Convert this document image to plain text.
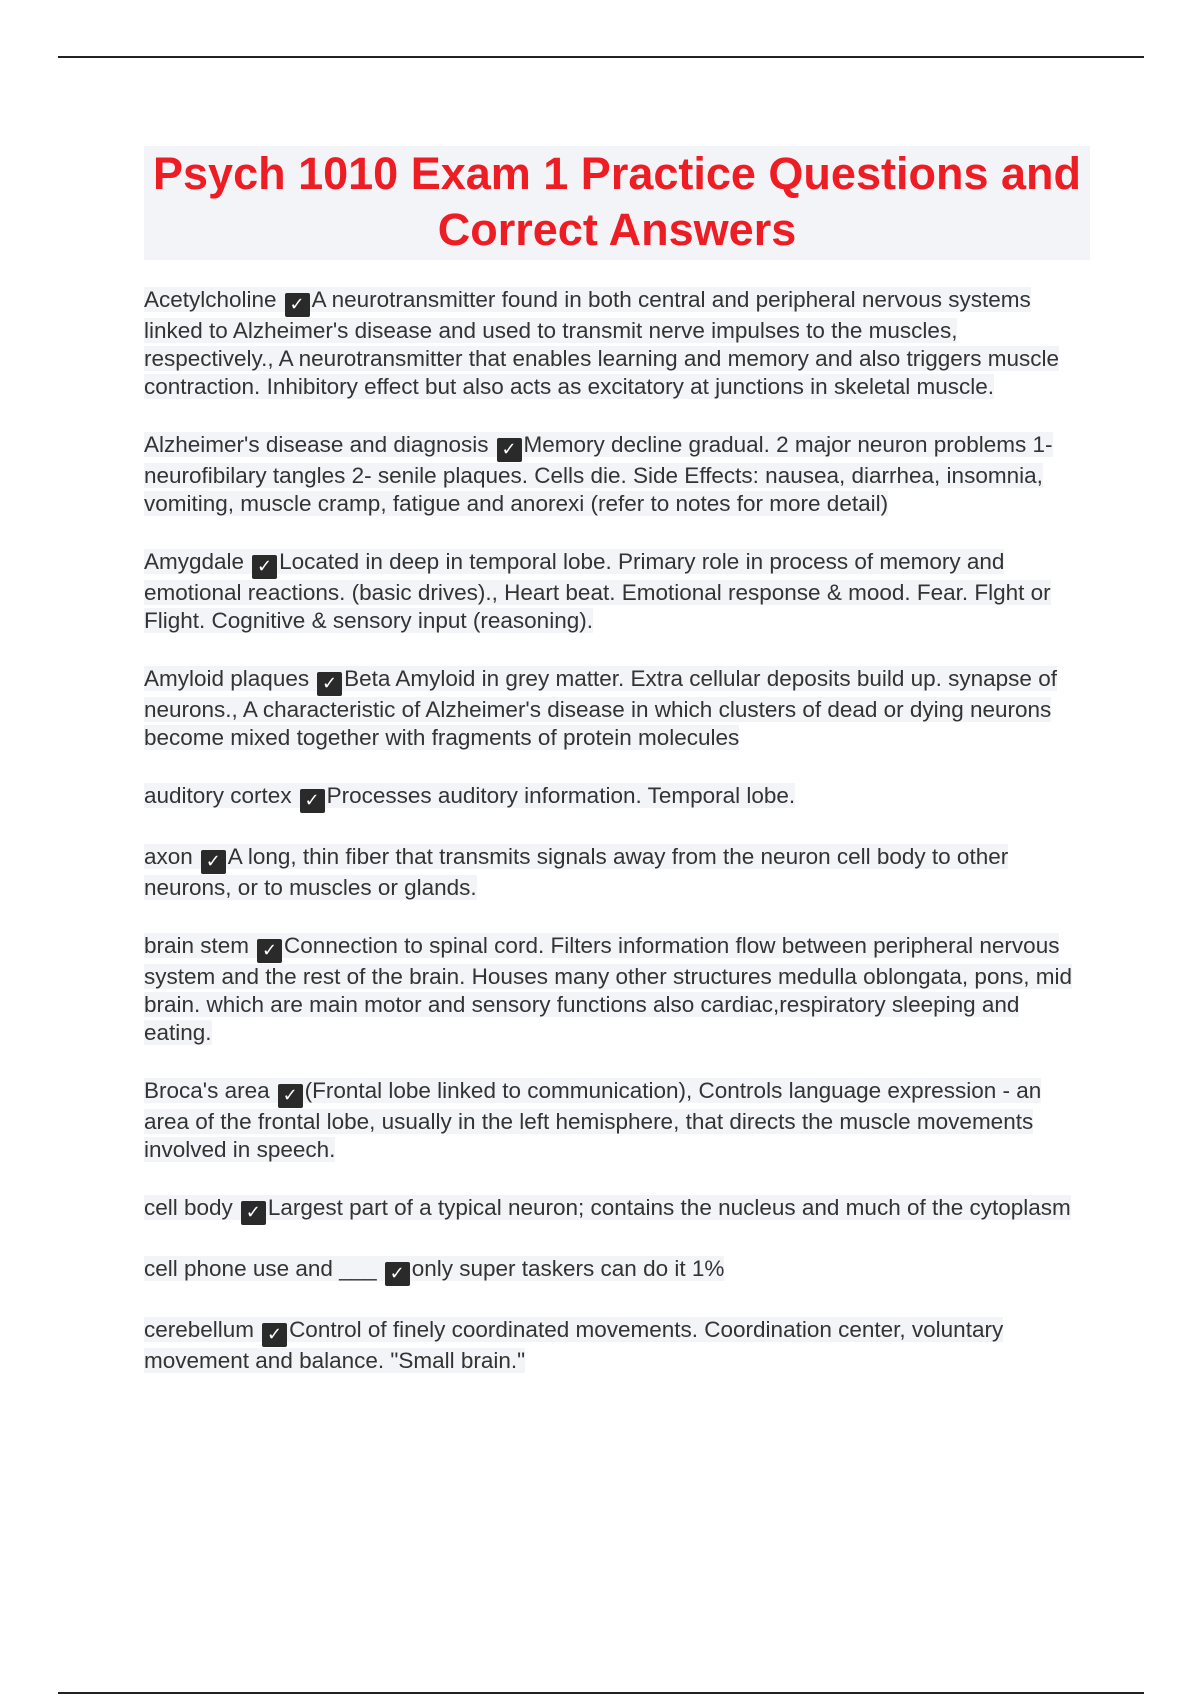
Psych 1010 Exam 1 Practice Questions and Correct Answers

Acetylcholine ✓ A neurotransmitter found in both central and peripheral nervous systems linked to Alzheimer's disease and used to transmit nerve impulses to the muscles, respectively., A neurotransmitter that enables learning and memory and also triggers muscle contraction. Inhibitory effect but also acts as excitatory at junctions in skeletal muscle.

Alzheimer's disease and diagnosis ✓ Memory decline gradual. 2 major neuron problems 1- neurofibilary tangles 2- senile plaques. Cells die. Side Effects: nausea, diarrhea, insomnia, vomiting, muscle cramp, fatigue and anorexi (refer to notes for more detail)

Amygdale ✓ Located in deep in temporal lobe. Primary role in process of memory and emotional reactions. (basic drives)., Heart beat. Emotional response & mood. Fear. Flght or Flight. Cognitive & sensory input (reasoning).

Amyloid plaques ✓ Beta Amyloid in grey matter. Extra cellular deposits build up. synapse of neurons., A characteristic of Alzheimer's disease in which clusters of dead or dying neurons become mixed together with fragments of protein molecules

auditory cortex ✓ Processes auditory information. Temporal lobe.

axon ✓ A long, thin fiber that transmits signals away from the neuron cell body to other neurons, or to muscles or glands.

brain stem ✓ Connection to spinal cord. Filters information flow between peripheral nervous system and the rest of the brain. Houses many other structures medulla oblongata, pons, mid brain. which are main motor and sensory functions also cardiac,respiratory sleeping and eating.

Broca's area ✓ (Frontal lobe linked to communication), Controls language expression - an area of the frontal lobe, usually in the left hemisphere, that directs the muscle movements involved in speech.

cell body ✓ Largest part of a typical neuron; contains the nucleus and much of the cytoplasm

cell phone use and ___ ✓ only super taskers can do it 1%

cerebellum ✓ Control of finely coordinated movements. Coordination center, voluntary movement and balance. "Small brain."
